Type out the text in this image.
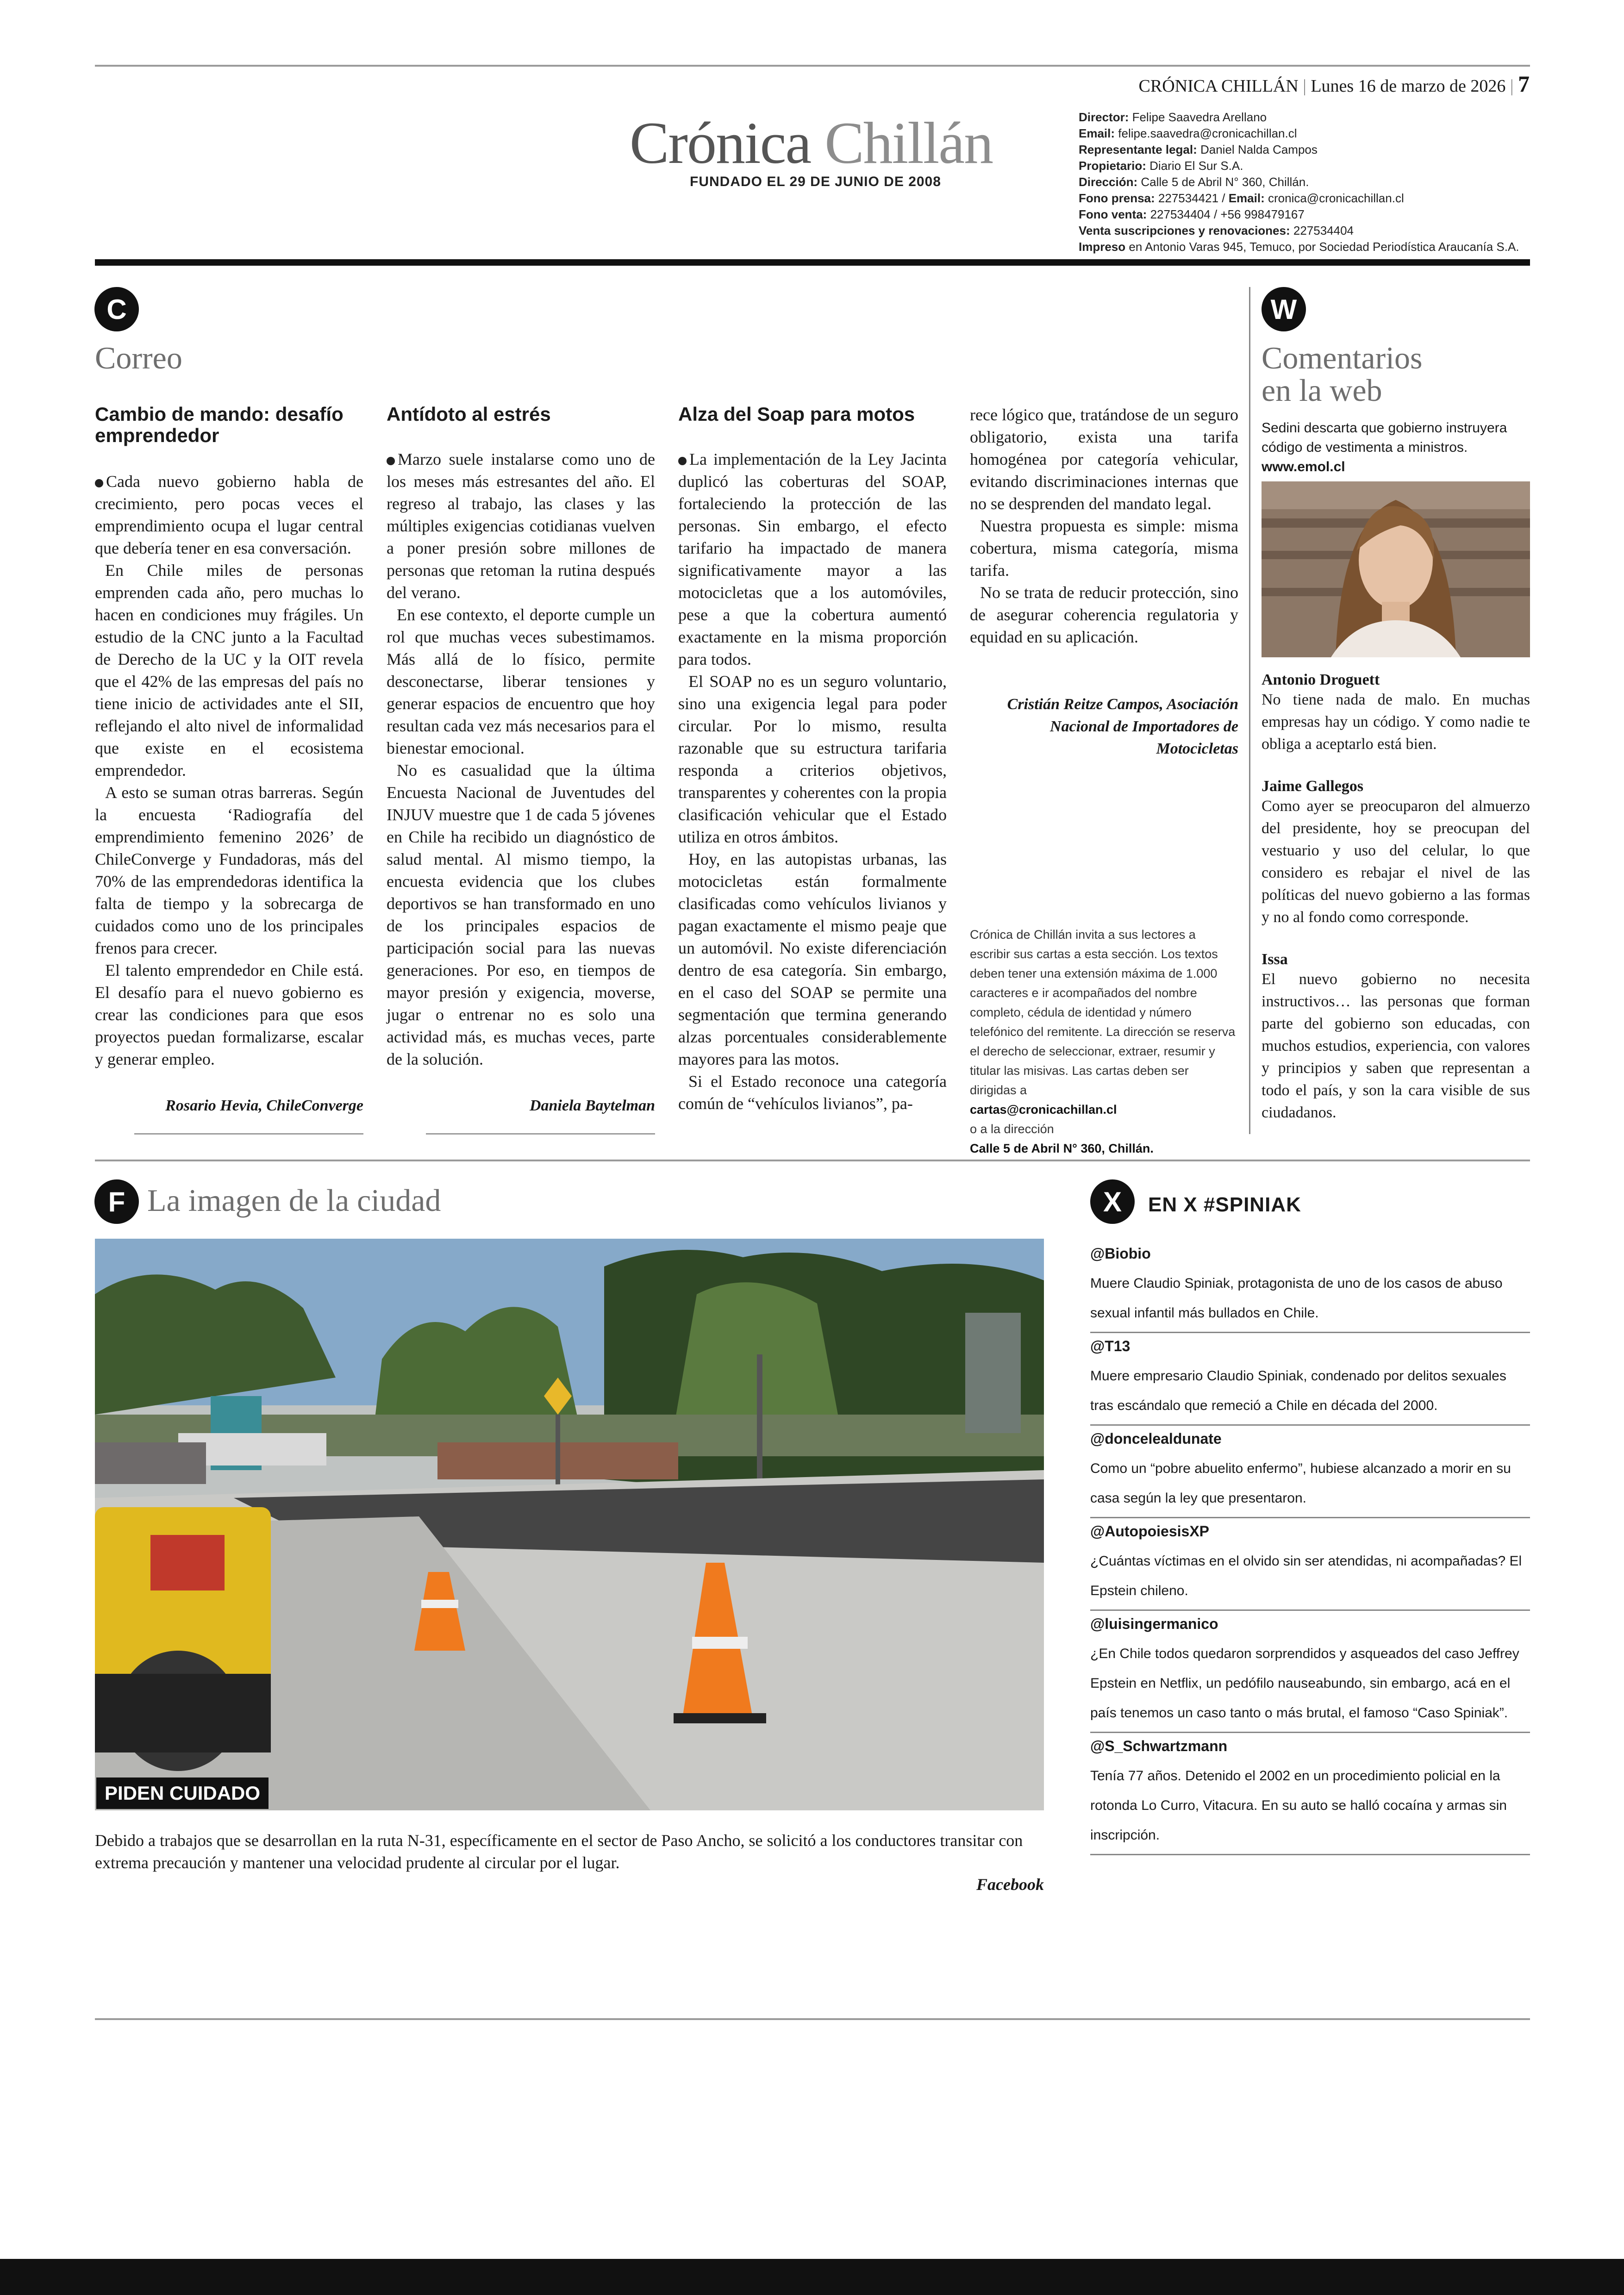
CRÓNICA CHILLÁN | Lunes 16 de marzo de 2026 | 7
Crónica Chillán
FUNDADO EL 29 DE JUNIO DE 2008
Director: Felipe Saavedra Arellano
Email: felipe.saavedra@cronicachillan.cl
Representante legal: Daniel Nalda Campos
Propietario: Diario El Sur S.A.
Dirección: Calle 5 de Abril N° 360, Chillán.
Fono prensa: 227534421 / Email: cronica@cronicachillan.cl
Fono venta: 227534404 / +56 998479167
Venta suscripciones y renovaciones: 227534404
Impreso en Antonio Varas 945, Temuco, por Sociedad Periodística Araucanía S.A.
C
Correo
Cambio de mando: desafío emprendedor

Cada nuevo gobierno habla de crecimiento, pero pocas veces el emprendimiento ocupa el lugar central que debería tener en esa conversación.

En Chile miles de personas emprenden cada año, pero muchas lo hacen en condiciones muy frágiles. Un estudio de la CNC junto a la Facultad de Derecho de la UC y la OIT revela que el 42% de las empresas del país no tiene inicio de actividades ante el SII, reflejando el alto nivel de informalidad que existe en el ecosistema emprendedor.

A esto se suman otras barreras. Según la encuesta ‘Radiografía del emprendimiento femenino 2026’ de ChileConverge y Fundadoras, más del 70% de las emprendedoras identifica la falta de tiempo y la sobrecarga de cuidados como uno de los principales frenos para crecer.

El talento emprendedor en Chile está. El desafío para el nuevo gobierno es crear las condiciones para que esos proyectos puedan formalizarse, escalar y generar empleo.

Rosario Hevia, ChileConverge
Antídoto al estrés

Marzo suele instalarse como uno de los meses más estresantes del año. El regreso al trabajo, las clases y las múltiples exigencias cotidianas vuelven a poner presión sobre millones de personas que retoman la rutina después del verano.

En ese contexto, el deporte cumple un rol que muchas veces subestimamos. Más allá de lo físico, permite desconectarse, liberar tensiones y generar espacios de encuentro que hoy resultan cada vez más necesarios para el bienestar emocional.

No es casualidad que la última Encuesta Nacional de Juventudes del INJUV muestre que 1 de cada 5 jóvenes en Chile ha recibido un diagnóstico de salud mental. Al mismo tiempo, la encuesta evidencia que los clubes deportivos se han transformado en uno de los principales espacios de participación social para las nuevas generaciones. Por eso, en tiempos de mayor presión y exigencia, moverse, jugar o entrenar no es solo una actividad más, es muchas veces, parte de la solución.

Daniela Baytelman
Alza del Soap para motos

La implementación de la Ley Jacinta duplicó las coberturas del SOAP, fortaleciendo la protección de las personas. Sin embargo, el efecto tarifario ha impactado de manera significativamente mayor a las motocicletas que a los automóviles, pese a que la cobertura aumentó exactamente en la misma proporción para todos.

El SOAP no es un seguro voluntario, sino una exigencia legal para poder circular. Por lo mismo, resulta razonable que su estructura tarifaria responda a criterios objetivos, transparentes y coherentes con la propia clasificación vehicular que el Estado utiliza en otros ámbitos.

Hoy, en las autopistas urbanas, las motocicletas están formalmente clasificadas como vehículos livianos y pagan exactamente el mismo peaje que un automóvil. No existe diferenciación dentro de esa categoría. Sin embargo, en el caso del SOAP se permite una segmentación que termina generando alzas porcentuales considerablemente mayores para las motos.

Si el Estado reconoce una categoría común de “vehículos livianos”, pa-

rece lógico que, tratándose de un seguro obligatorio, exista una tarifa homogénea por categoría vehicular, evitando discriminaciones internas que no se desprenden del mandato legal.

Nuestra propuesta es simple: misma cobertura, misma categoría, misma tarifa.

No se trata de reducir protección, sino de asegurar coherencia regulatoria y equidad en su aplicación.

Cristián Reitze Campos, Asociación Nacional de Importadores de Motocicletas
Crónica de Chillán invita a sus lectores a escribir sus cartas a esta sección. Los textos deben tener una extensión máxima de 1.000 caracteres e ir acompañados del nombre completo, cédula de identidad y número telefónico del remitente. La dirección se reserva el derecho de seleccionar, extraer, resumir y titular las misivas. Las cartas deben ser dirigidas a
cartas@cronicachillan.cl
o a la dirección
Calle 5 de Abril N° 360, Chillán.
W
Comentarios
en la web
Sedini descarta que gobierno instruyera código de vestimenta a ministros.
www.emol.cl

Antonio Droguett

No tiene nada de malo. En muchas empresas hay un código. Y como nadie te obliga a aceptarlo está bien.

Jaime Gallegos

Como ayer se preocuparon del almuerzo del presidente, hoy se preocupan del vestuario y uso del celular, lo que considero es rebajar el nivel de las políticas del nuevo gobierno a las formas y no al fondo como corresponde.

Issa

El nuevo gobierno no necesita instructivos… las personas que forman parte del gobierno son educadas, con muchos estudios, experiencia, con valores y principios y saben que representan a todo el país, y son la cara visible de sus ciudadanos.

F La imagen de la ciudad
PIDEN CUIDADO
Debido a trabajos que se desarrollan en la ruta N-31, específicamente en el sector de Paso Ancho, se solicitó a los conductores transitar con extrema precaución y mantener una velocidad prudente al circular por el lugar.
Facebook
X	EN X #SPINIAK

@Biobio

Muere Claudio Spiniak, protagonista de uno de los casos de abuso sexual infantil más bullados en Chile.

@T13

Muere empresario Claudio Spiniak, condenado por delitos sexuales tras escándalo que remeció a Chile en década del 2000.

@doncelealdunate

Como un “pobre abuelito enfermo”, hubiese alcanzado a morir en su casa según la ley que presentaron.

@AutopoiesisXP

¿Cuántas víctimas en el olvido sin ser atendidas, ni acompañadas? El Epstein chileno.

@luisingermanico

¿En Chile todos quedaron sorprendidos y asqueados del caso Jeffrey Epstein en Netflix, un pedófilo nauseabundo, sin embargo, acá en el país tenemos un caso tanto o más brutal, el famoso “Caso Spiniak”.

@S_Schwartzmann

Tenía 77 años. Detenido el 2002 en un procedimiento policial en la rotonda Lo Curro, Vitacura. En su auto se halló cocaína y armas sin inscripción.
